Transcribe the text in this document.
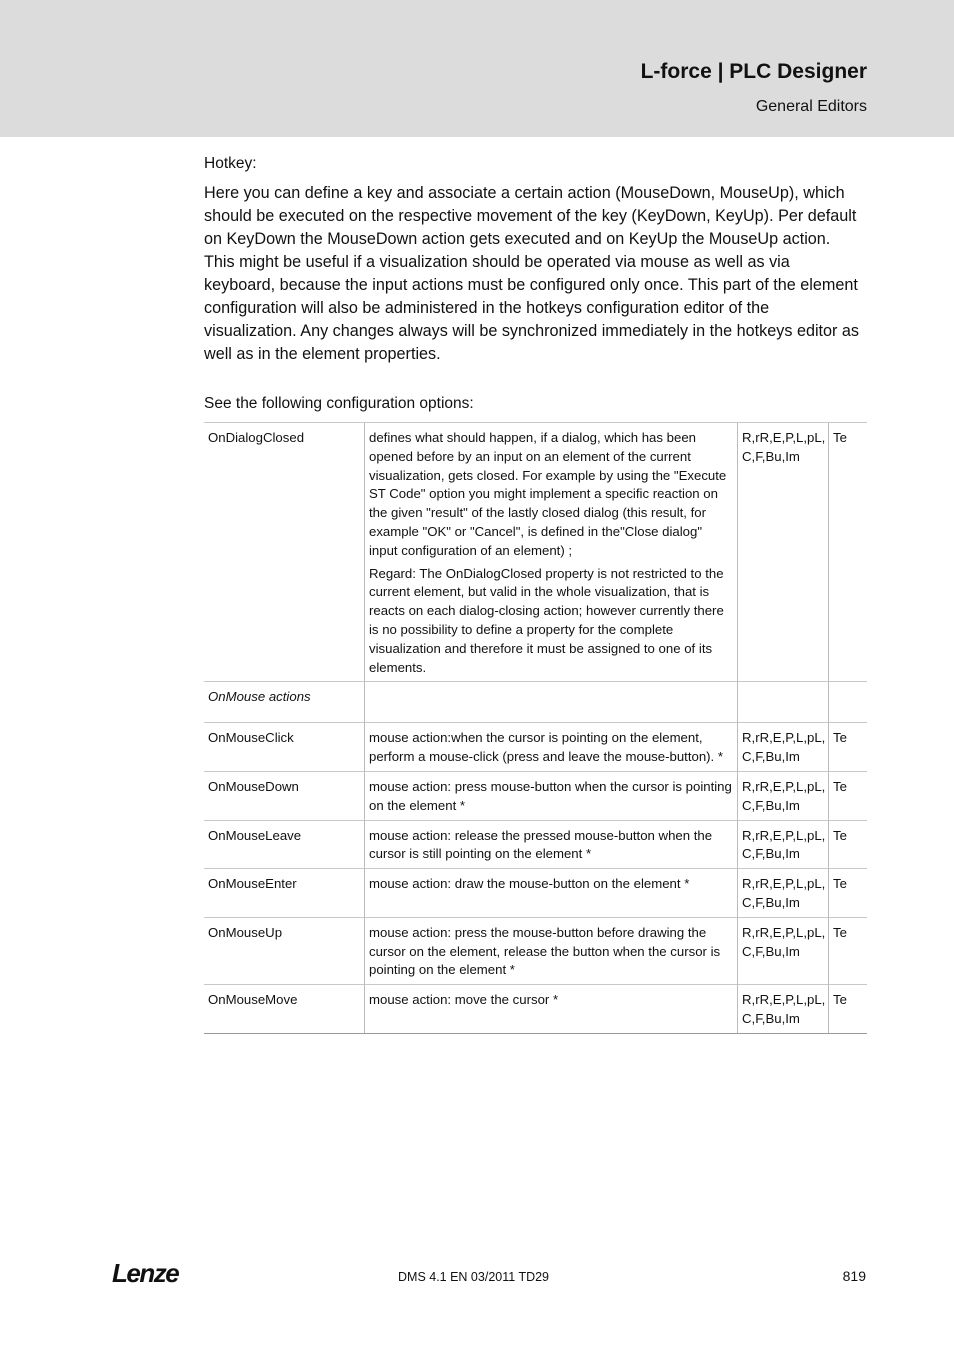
L-force | PLC Designer
General Editors
Hotkey:
Here you can define a key and associate a certain action (MouseDown, MouseUp), which should be executed on the respective movement of the key (KeyDown, KeyUp). Per default on KeyDown the MouseDown action gets executed and on KeyUp the MouseUp action. This might be useful if a visualization should be operated via mouse as well as via keyboard, because the input actions must be configured only once. This part of the element configuration will also be administered in the hotkeys configuration editor of the visualization. Any changes always will be synchronized immediately in the hotkeys editor as well as in the element properties.
See the following configuration options:
OnDialogClosed	defines what should happen, if a dialog, which has been opened before by an input on an element of the current visualization, gets closed. For example by using the "Execute ST Code" option you might implement a specific reaction on the given "result" of the lastly closed dialog (this result, for example "OK" or "Cancel", is defined in the"Close dialog" input configuration of an element) ;

Regard: The OnDialogClosed property is not restricted to the current element, but valid in the whole visualization, that is reacts on each dialog-closing action; however currently there is no possibility to define a property for the complete visualization and therefore it must be assigned to one of its elements.	R,rR,E,P,L,pL, C,F,Bu,Im	Te
OnMouse actions			
OnMouseClick	mouse action:when the cursor is pointing on the element, perform a mouse-click (press and leave the mouse-button). *	R,rR,E,P,L,pL, C,F,Bu,Im	Te
OnMouseDown	mouse action: press mouse-button when the cursor is pointing on the element *	R,rR,E,P,L,pL, C,F,Bu,Im	Te
OnMouseLeave	mouse action: release the pressed mouse-button when the cursor is still pointing on the element *	R,rR,E,P,L,pL, C,F,Bu,Im	Te
OnMouseEnter	mouse action: draw the mouse-button on the element *	R,rR,E,P,L,pL, C,F,Bu,Im	Te
OnMouseUp	mouse action: press the mouse-button before drawing the cursor on the element, release the button when the cursor is pointing on the element *	R,rR,E,P,L,pL, C,F,Bu,Im	Te
OnMouseMove	mouse action: move the cursor *	R,rR,E,P,L,pL, C,F,Bu,Im	Te
Lenze	DMS 4.1 EN 03/2011 TD29	819
